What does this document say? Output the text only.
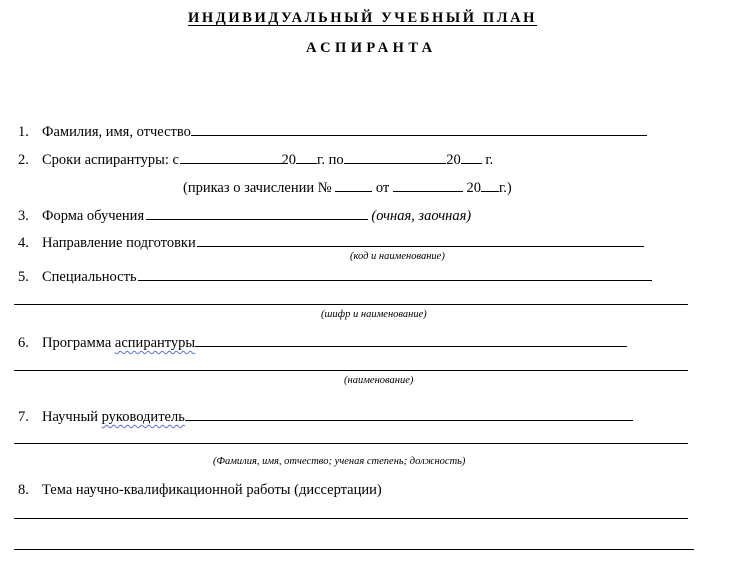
ИНДИВИДУАЛЬНЫЙ УЧЕБНЫЙ ПЛАН
АСПИРАНТА
1. Фамилия, имя, отчество
2. Сроки аспирантуры: с	20 г. по	20 г.
(приказ о зачислении №	от	20 г.)
3. Форма обучения	(очная, заочная)
4. Направление подготовки
(код и наименование)
5. Специальность
(шифр и наименование)
6. Программа аспирантуры
(наименование)
7. Научный руководитель
(Фамилия, имя, отчество; ученая степень; должность)
8. Тема научно-квалификационной работы (диссертации)
